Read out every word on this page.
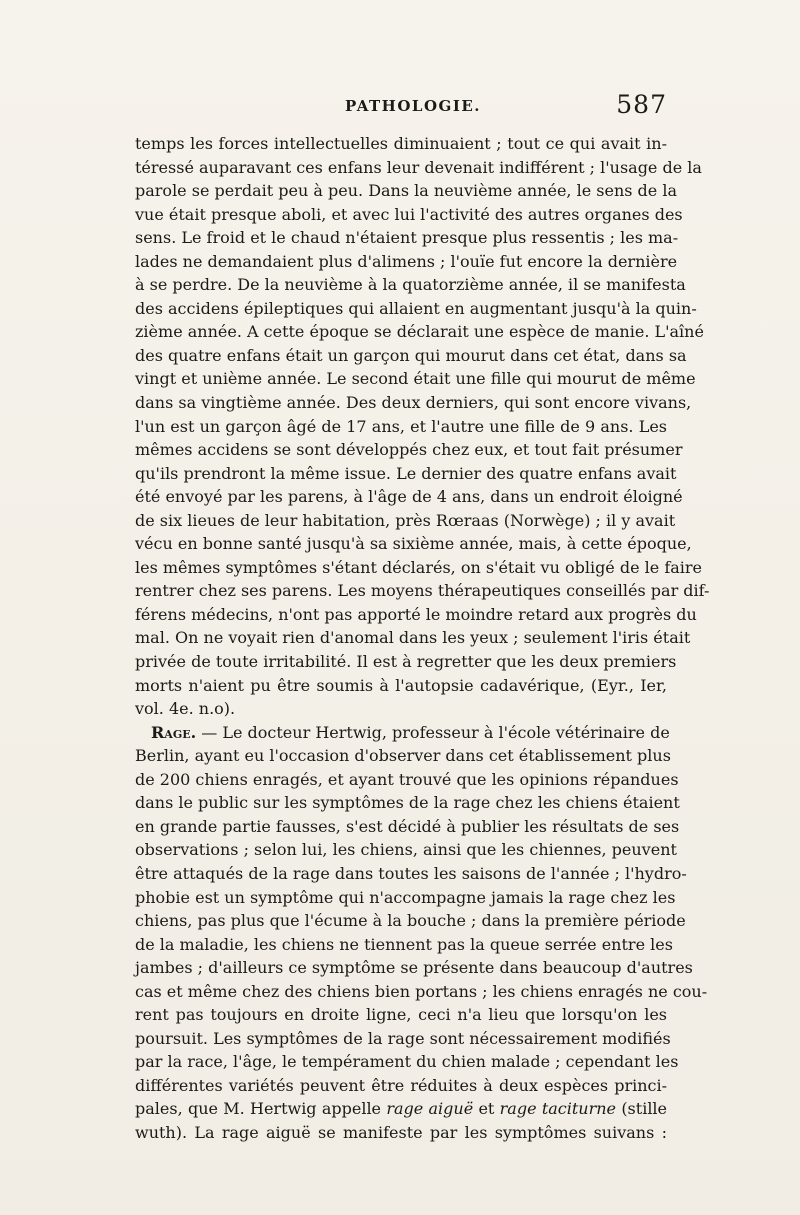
PATHOLOGIE.	587
temps les forces intellectuelles diminuaient ; tout ce qui avait in-
téressé auparavant ces enfans leur devenait indifférent ; l'usage de la
parole se perdait peu à peu. Dans la neuvième année, le sens de la
vue était presque aboli, et avec lui l'activité des autres organes des
sens. Le froid et le chaud n'étaient presque plus ressentis ; les ma-
lades ne demandaient plus d'alimens ; l'ouïe fut encore la dernière
à se perdre. De la neuvième à la quatorzième année, il se manifesta
des accidens épileptiques qui allaient en augmentant jusqu'à la quin-
zième année. A cette époque se déclarait une espèce de manie. L'aîné
des quatre enfans était un garçon qui mourut dans cet état, dans sa
vingt et unième année. Le second était une fille qui mourut de même
dans sa vingtième année. Des deux derniers, qui sont encore vivans,
l'un est un garçon âgé de 17 ans, et l'autre une fille de 9 ans. Les
mêmes accidens se sont développés chez eux, et tout fait présumer
qu'ils prendront la même issue. Le dernier des quatre enfans avait
été envoyé par les parens, à l'âge de 4 ans, dans un endroit éloigné
de six lieues de leur habitation, près Rœraas (Norwège) ; il y avait
vécu en bonne santé jusqu'à sa sixième année, mais, à cette époque,
les mêmes symptômes s'étant déclarés, on s'était vu obligé de le faire
rentrer chez ses parens. Les moyens thérapeutiques conseillés par dif-
férens médecins, n'ont pas apporté le moindre retard aux progrès du
mal. On ne voyait rien d'anomal dans les yeux ; seulement l'iris était
privée de toute irritabilité. Il est à regretter que les deux premiers
morts n'aient pu être soumis à l'autopsie cadavérique, (Eyr., Ier,
vol. 4e. n.o).
Rage. — Le docteur Hertwig, professeur à l'école vétérinaire de
Berlin, ayant eu l'occasion d'observer dans cet établissement plus
de 200 chiens enragés, et ayant trouvé que les opinions répandues
dans le public sur les symptômes de la rage chez les chiens étaient
en grande partie fausses, s'est décidé à publier les résultats de ses
observations ; selon lui, les chiens, ainsi que les chiennes, peuvent
être attaqués de la rage dans toutes les saisons de l'année ; l'hydro-
phobie est un symptôme qui n'accompagne jamais la rage chez les
chiens, pas plus que l'écume à la bouche ; dans la première période
de la maladie, les chiens ne tiennent pas la queue serrée entre les
jambes ; d'ailleurs ce symptôme se présente dans beaucoup d'autres
cas et même chez des chiens bien portans ; les chiens enragés ne cou-
rent pas toujours en droite ligne, ceci n'a lieu que lorsqu'on les
poursuit. Les symptômes de la rage sont nécessairement modifiés
par la race, l'âge, le tempérament du chien malade ; cependant les
différentes variétés peuvent être réduites à deux espèces princi-
pales, que M. Hertwig appelle rage aiguë et rage taciturne (stille
wuth). La rage aiguë se manifeste par les symptômes suivans :
